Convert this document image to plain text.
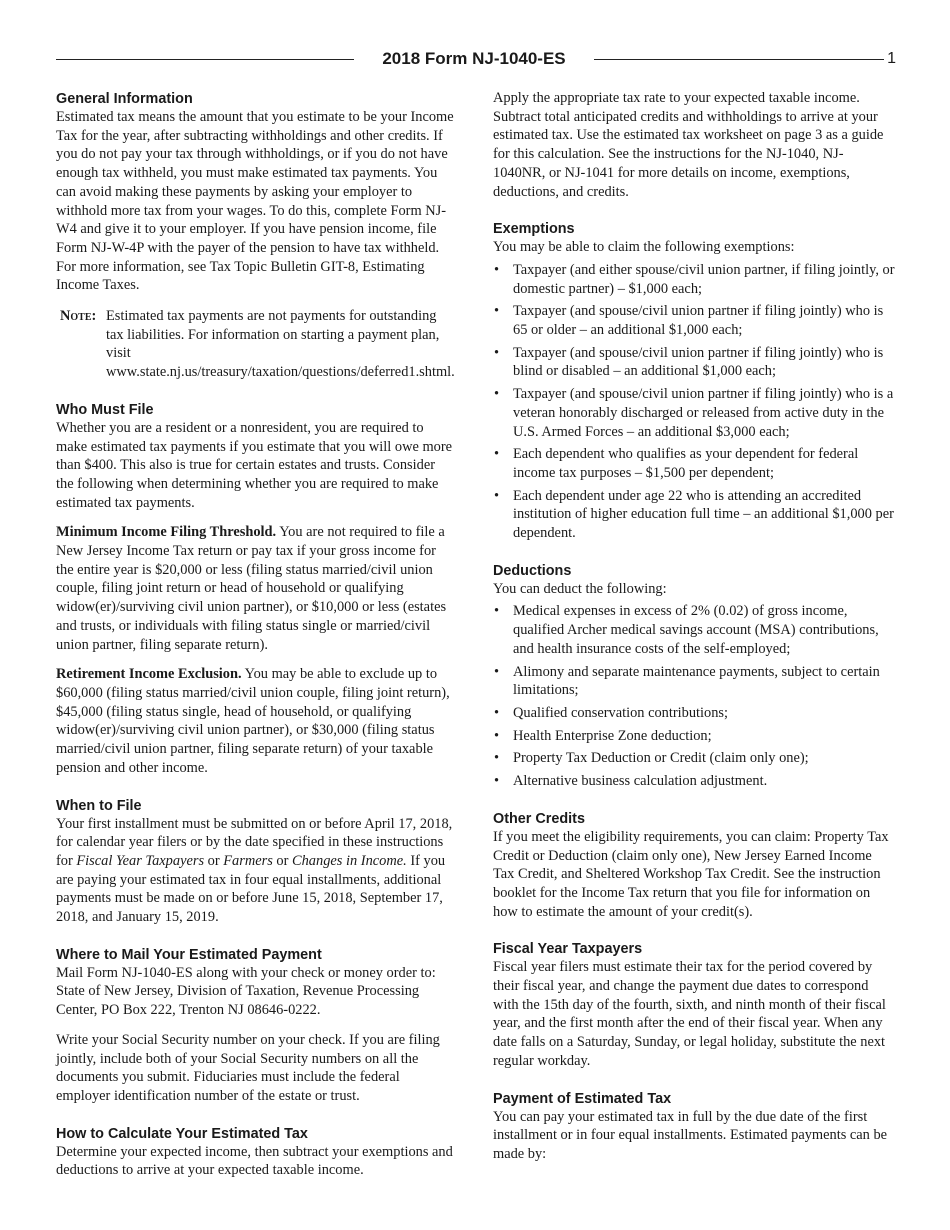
2018 Form NJ-1040-ES	1
General Information

Estimated tax means the amount that you estimate to be your Income Tax for the year, after subtracting withholdings and other credits. If you do not pay your tax through withholdings, or if you do not have enough tax withheld, you must make estimated tax payments. You can avoid making these payments by asking your employer to withhold more tax from your wages. To do this, complete Form NJ-W4 and give it to your employer. If you have pension income, file Form NJ-W-4P with the payer of the pension to have tax withheld. For more information, see Tax Topic Bulletin GIT-8, Estimating Income Taxes.

Note: Estimated tax payments are not payments for outstanding tax liabilities. For information on starting a payment plan, visit www.state.nj.us/treasury/taxation/questions/deferred1.shtml.
Who Must File

Whether you are a resident or a nonresident, you are required to make estimated tax payments if you estimate that you will owe more than $400. This also is true for certain estates and trusts. Consider the following when determining whether you are required to make estimated tax payments.

Minimum Income Filing Threshold. You are not required to file a New Jersey Income Tax return or pay tax if your gross income for the entire year is $20,000 or less (filing status married/civil union couple, filing joint return or head of household or qualifying widow(er)/surviving civil union partner), or $10,000 or less (estates and trusts, or individuals with filing status single or married/civil union partner, filing separate return).

Retirement Income Exclusion. You may be able to exclude up to $60,000 (filing status married/civil union couple, filing joint return), $45,000 (filing status single, head of household, or qualifying widow(er)/surviving civil union partner), or $30,000 (filing status married/civil union partner, filing separate return) of your taxable pension and other income.

When to File

Your first installment must be submitted on or before April 17, 2018, for calendar year filers or by the date specified in these instructions for Fiscal Year Taxpayers or Farmers or Changes in Income. If you are paying your estimated tax in four equal installments, additional payments must be made on or before June 15, 2018, September 17, 2018, and January 15, 2019.

Where to Mail Your Estimated Payment

Mail Form NJ-1040-ES along with your check or money order to: State of New Jersey, Division of Taxation, Revenue Processing Center, PO Box 222, Trenton NJ 08646-0222.

Write your Social Security number on your check. If you are filing jointly, include both of your Social Security numbers on all the documents you submit. Fiduciaries must include the federal employer identification number of the estate or trust.

How to Calculate Your Estimated Tax

Determine your expected income, then subtract your exemptions and deductions to arrive at your expected taxable income.

Apply the appropriate tax rate to your expected taxable income. Subtract total anticipated credits and withholdings to arrive at your estimated tax. Use the estimated tax worksheet on page 3 as a guide for this calculation. See the instructions for the NJ-1040, NJ-1040NR, or NJ-1041 for more details on income, exemptions, deductions, and credits.

Exemptions

You may be able to claim the following exemptions:

• Taxpayer (and either spouse/civil union partner, if filing jointly, or domestic partner) – $1,000 each;
• Taxpayer (and spouse/civil union partner if filing jointly) who is 65 or older – an additional $1,000 each;
• Taxpayer (and spouse/civil union partner if filing jointly) who is blind or disabled – an additional $1,000 each;
• Taxpayer (and spouse/civil union partner if filing jointly) who is a veteran honorably discharged or released from active duty in the U.S. Armed Forces – an additional $3,000 each;
• Each dependent who qualifies as your dependent for federal income tax purposes – $1,500 per dependent;
• Each dependent under age 22 who is attending an accredited institution of higher education full time – an additional $1,000 per dependent.
Deductions

You can deduct the following:

• Medical expenses in excess of 2% (0.02) of gross income, qualified Archer medical savings account (MSA) contributions, and health insurance costs of the self-employed;
• Alimony and separate maintenance payments, subject to certain limitations;
• Qualified conservation contributions;
• Health Enterprise Zone deduction;
• Property Tax Deduction or Credit (claim only one);
• Alternative business calculation adjustment.
Other Credits

If you meet the eligibility requirements, you can claim: Property Tax Credit or Deduction (claim only one), New Jersey Earned Income Tax Credit, and Sheltered Workshop Tax Credit. See the instruction booklet for the Income Tax return that you file for information on how to estimate the amount of your credit(s).

Fiscal Year Taxpayers

Fiscal year filers must estimate their tax for the period covered by their fiscal year, and change the payment due dates to correspond with the 15th day of the fourth, sixth, and ninth month of their fiscal year, and the first month after the end of their fiscal year. When any date falls on a Saturday, Sunday, or legal holiday, substitute the next regular workday.

Payment of Estimated Tax

You can pay your estimated tax in full by the due date of the first installment or in four equal installments. Estimated payments can be made by:
